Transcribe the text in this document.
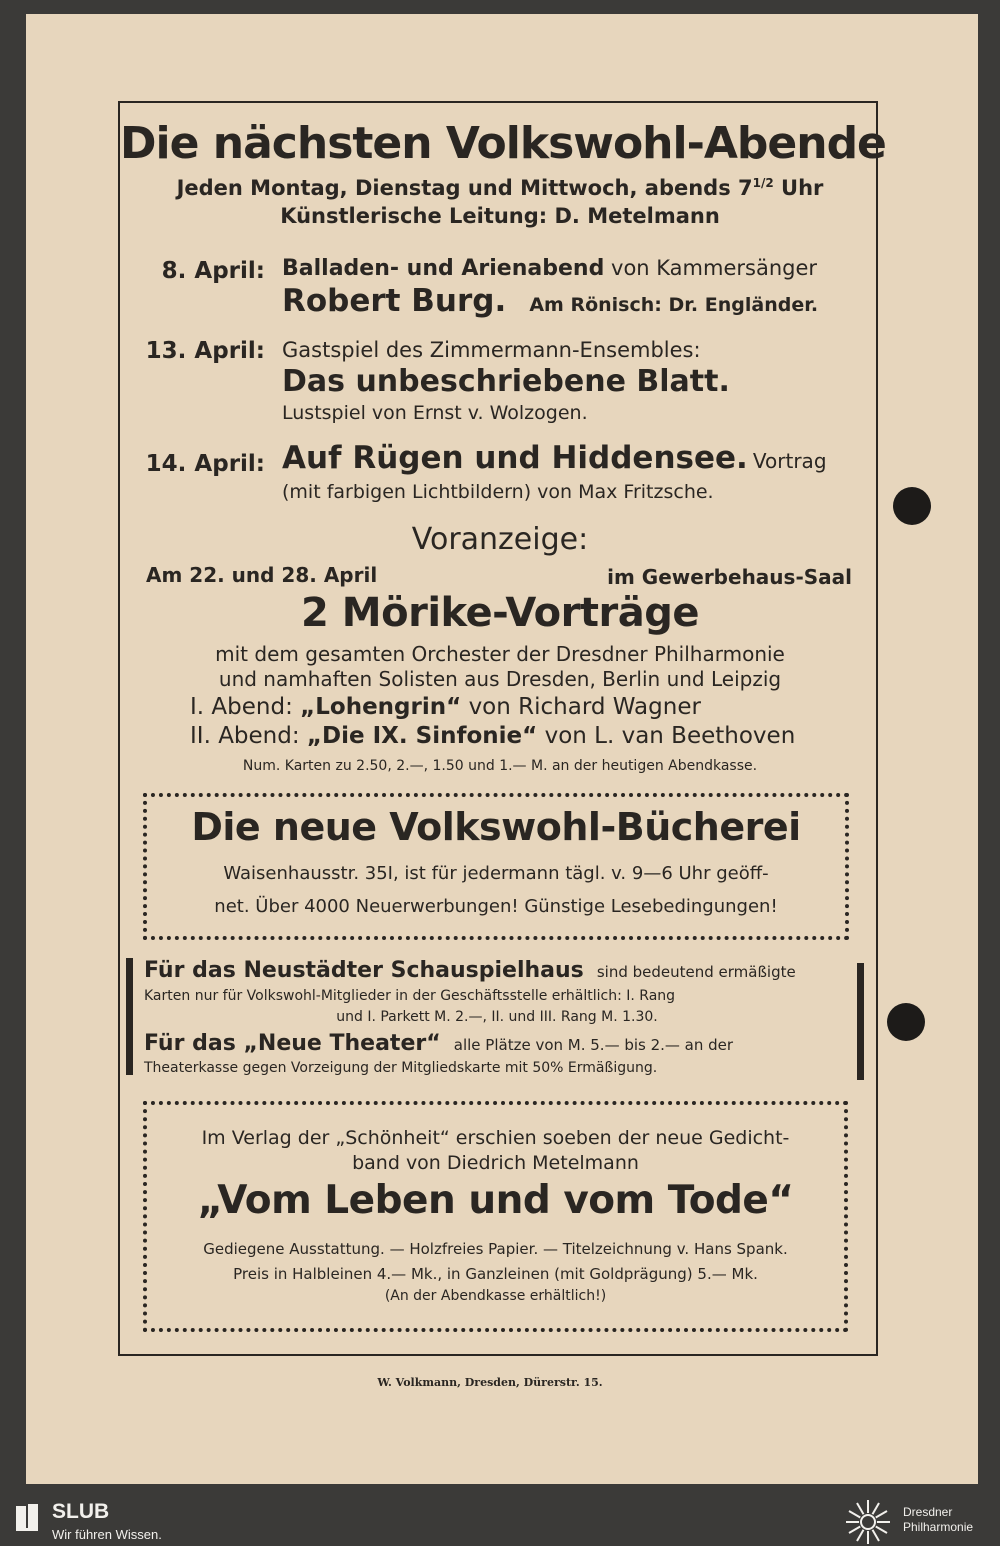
Die nächsten Volkswohl-Abende
Jeden Montag, Dienstag und Mittwoch, abends $7^{1/2}$ Uhr
Künstlerische Leitung: D. Metelmann
8. April: Balladen- und Arienabend von Kammersänger
Robert Burg. Am Rönisch: Dr. Engländer.
13. April: Gastspiel des Zimmermann-Ensembles:
Das unbeschriebene Blatt.
Lustspiel von Ernst v. Wolzogen.
14. April: Auf Rügen und Hiddensee. Vortrag
(mit farbigen Lichtbildern) von Max Fritzsche.
Voranzeige:
Am 22. und 28. April	im Gewerbehaus-Saal
2 Mörike-Vorträge
mit dem gesamten Orchester der Dresdner Philharmonie
und namhaften Solisten aus Dresden, Berlin und Leipzig
I. Abend: „Lohengrin“ von Richard Wagner
II. Abend: „Die IX. Sinfonie“ von L. van Beethoven
Num. Karten zu 2.50, 2.—, 1.50 und 1.— M. an der heutigen Abendkasse.
Die neue Volkswohl-Bücherei
Waisenhausstr. 35I, ist für jedermann tägl. v. 9—6 Uhr geöff-
net. Über 4000 Neuerwerbungen! Günstige Lesebedingungen!
Für das Neustädter Schauspielhaus sind bedeutend ermäßigte
Karten nur für Volkswohl-Mitglieder in der Geschäftsstelle erhältlich: I. Rang
und I. Parkett M. 2.—, II. und III. Rang M. 1.30.
Für das „Neue Theater“ alle Plätze von M. 5.— bis 2.— an der
Theaterkasse gegen Vorzeigung der Mitgliedskarte mit 50% Ermäßigung.
Im Verlag der „Schönheit“ erschien soeben der neue Gedicht-
band von Diedrich Metelmann
„Vom Leben und vom Tode“
Gediegene Ausstattung. — Holzfreies Papier. — Titelzeichnung v. Hans Spank.
Preis in Halbleinen 4.— Mk., in Ganzleinen (mit Goldprägung) 5.— Mk.
(An der Abendkasse erhältlich!)
W. Volkmann, Dresden, Dürerstr. 15.
SLUB
Wir führen Wissen.
Dresdner
Philharmonie
